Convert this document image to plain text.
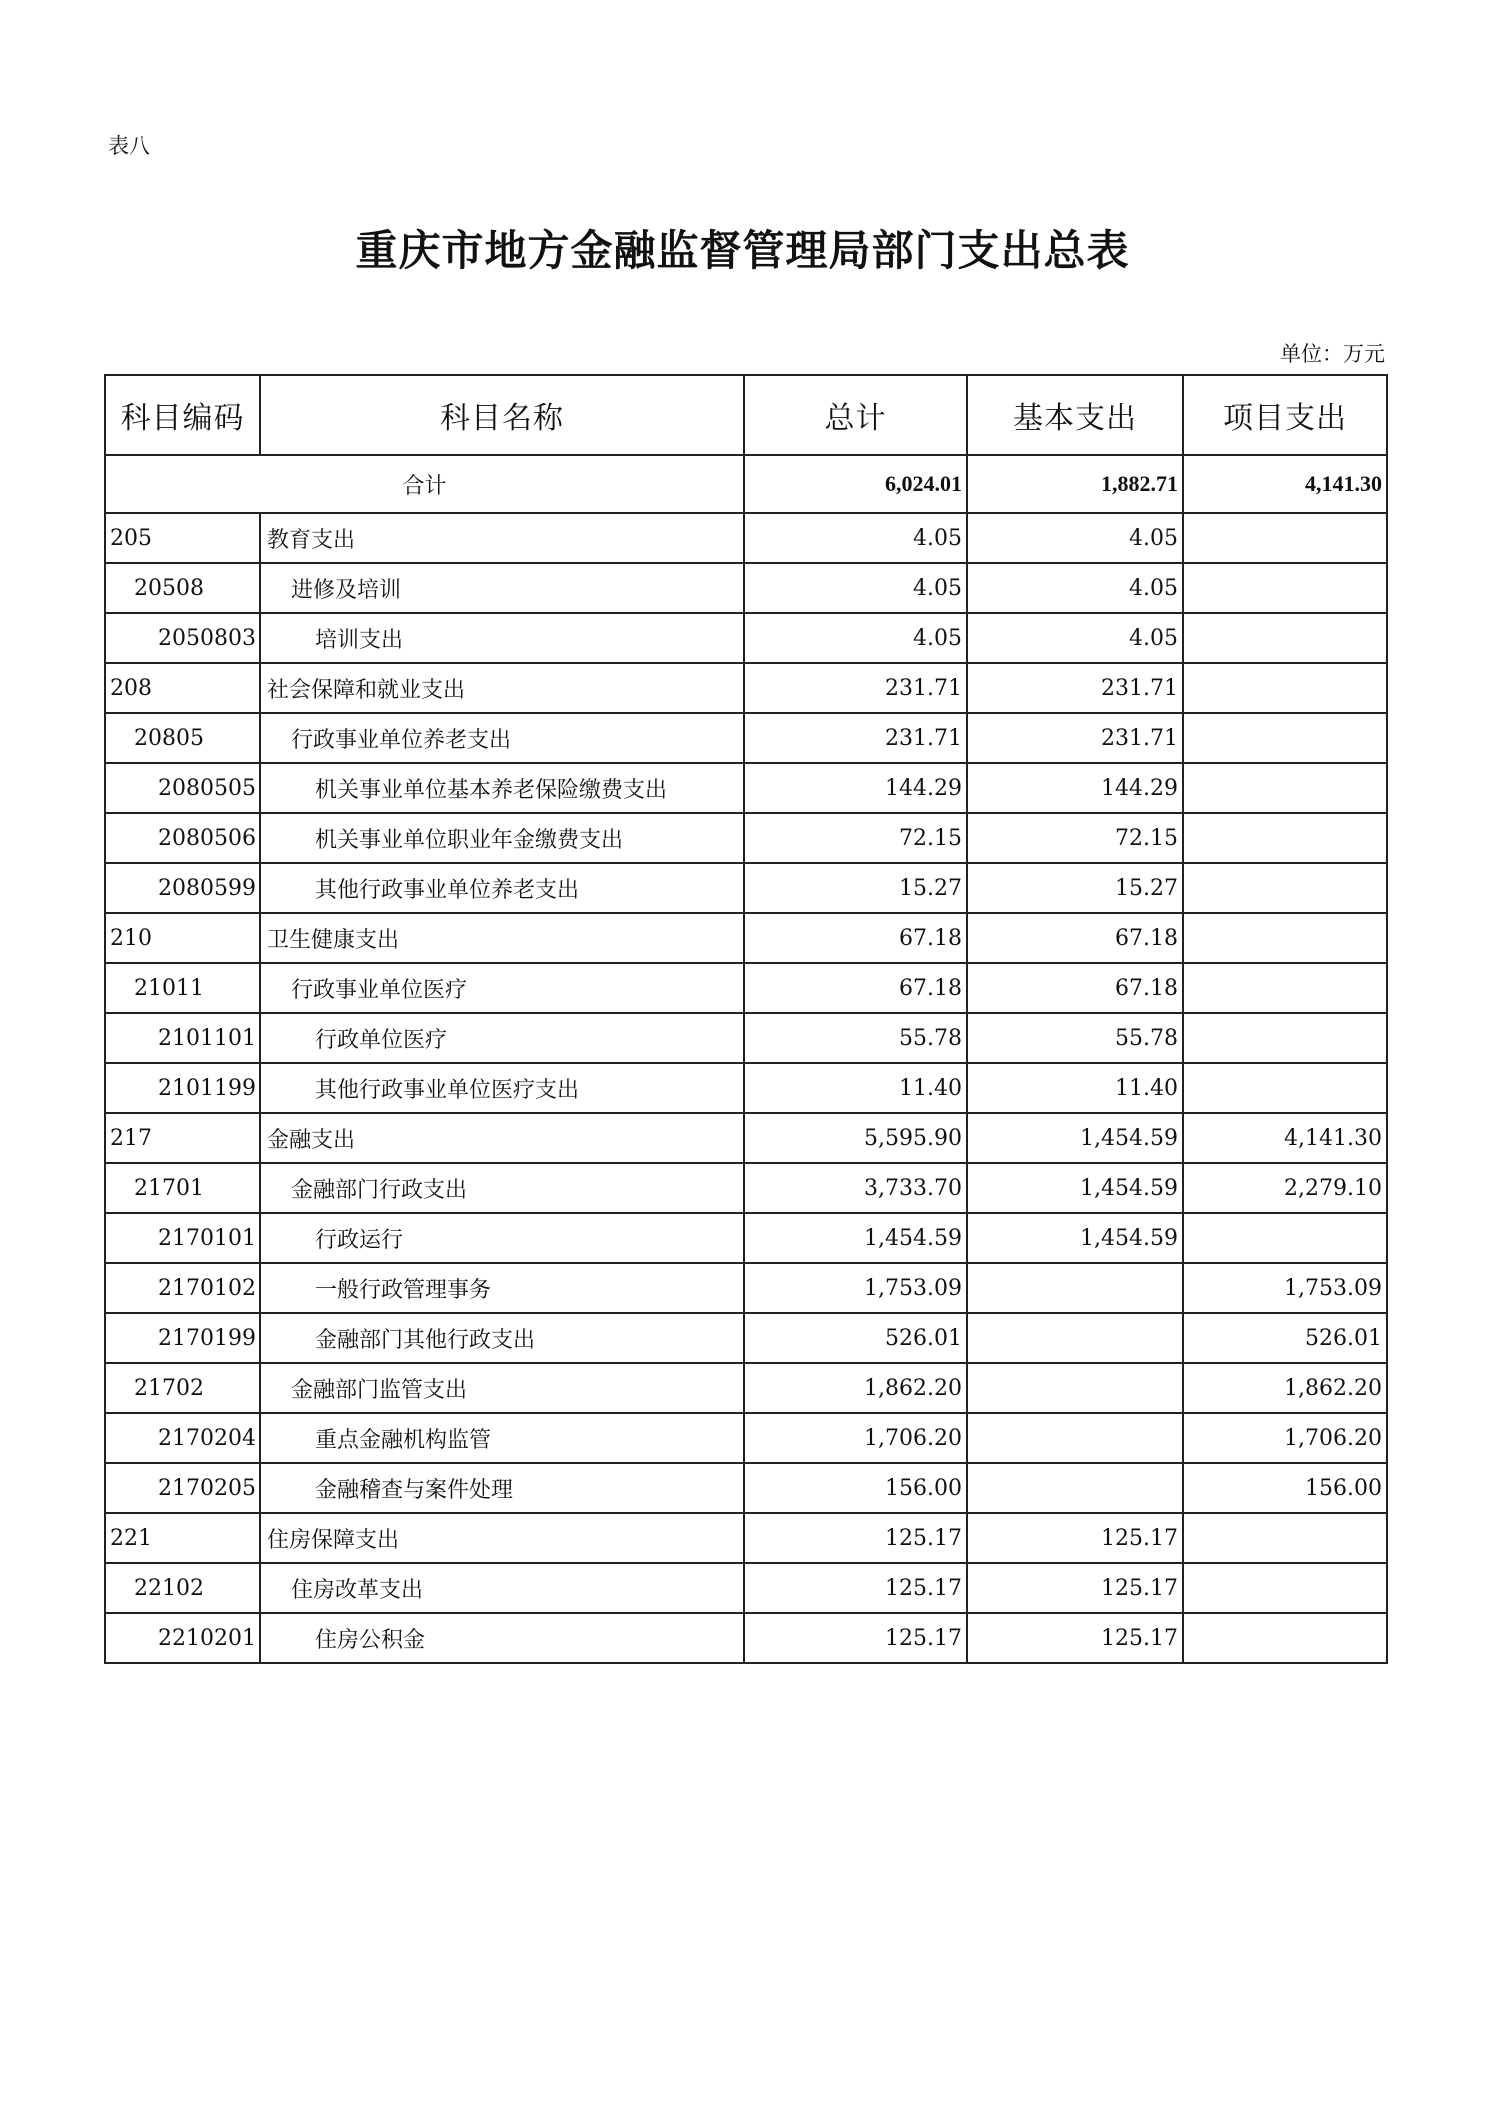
表八
重庆市地方金融监督管理局部门支出总表
单位：万元
科目编码	科目名称	总计	基本支出	项目支出
合计		6,024.01	1,882.71	4,141.30
205	教育支出	4.05	4.05	
20508	进修及培训	4.05	4.05	
2050803	培训支出	4.05	4.05	
208	社会保障和就业支出	231.71	231.71	
20805	行政事业单位养老支出	231.71	231.71	
2080505	机关事业单位基本养老保险缴费支出	144.29	144.29	
2080506	机关事业单位职业年金缴费支出	72.15	72.15	
2080599	其他行政事业单位养老支出	15.27	15.27	
210	卫生健康支出	67.18	67.18	
21011	行政事业单位医疗	67.18	67.18	
2101101	行政单位医疗	55.78	55.78	
2101199	其他行政事业单位医疗支出	11.40	11.40	
217	金融支出	5,595.90	1,454.59	4,141.30
21701	金融部门行政支出	3,733.70	1,454.59	2,279.10
2170101	行政运行	1,454.59	1,454.59	
2170102	一般行政管理事务	1,753.09		1,753.09
2170199	金融部门其他行政支出	526.01		526.01
21702	金融部门监管支出	1,862.20		1,862.20
2170204	重点金融机构监管	1,706.20		1,706.20
2170205	金融稽查与案件处理	156.00		156.00
221	住房保障支出	125.17	125.17	
22102	住房改革支出	125.17	125.17	
2210201	住房公积金	125.17	125.17	
